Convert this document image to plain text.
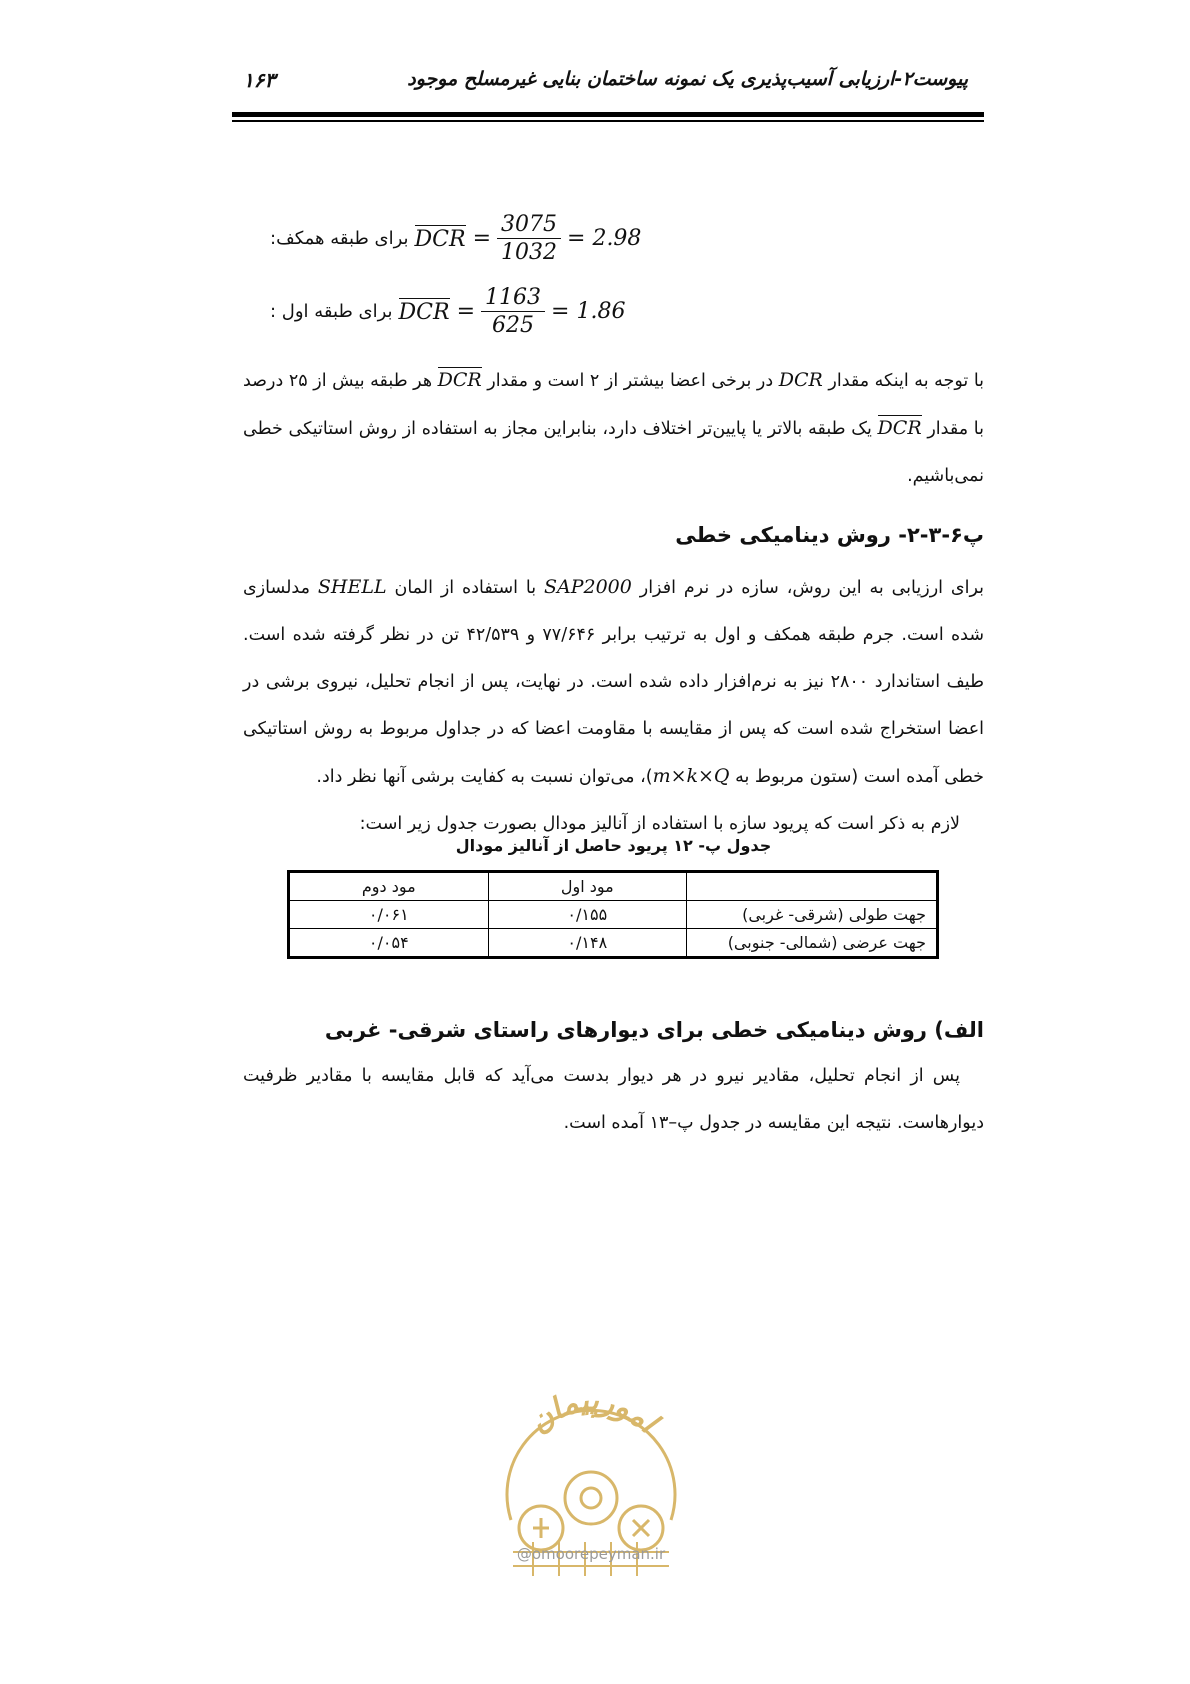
۱۶۳	پیوست۲-ارزیابی آسیب‌پذیری یک نمونه ساختمان بنایی غیرمسلح موجود
برای طبقه همکف: DCR = $\frac{3075}{1032} = 2.98$
برای طبقه اول : DCR = $\frac{1163}{625} = 1.86$

با توجه به اینکه مقدار DCR در برخی اعضا بیشتر از ۲ است و مقدار DCR هر طبقه بیش از ۲۵ درصد با مقدار DCR یک طبقه بالاتر یا پایین‌تر اختلاف دارد، بنابراین مجاز به استفاده از روش استاتیکی خطی نمی‌باشیم.

پ۶-۳-۲- روش دینامیکی خطی

برای ارزیابی به این روش، سازه در نرم افزار SAP2000 با استفاده از المان SHELL مدلسازی شده است. جرم طبقه همکف و اول به ترتیب برابر ۷۷/۶۴۶ و ۴۲/۵۳۹ تن در نظر گرفته شده است. طیف استاندارد ۲۸۰۰ نیز به نرم‌افزار داده شده است. در نهایت، پس از انجام تحلیل، نیروی برشی در اعضا استخراج شده است که پس از مقایسه با مقاومت اعضا که در جداول مربوط به روش استاتیکی خطی آمده است (ستون مربوط به m×k×Q)، می‌توان نسبت به کفایت برشی آنها نظر داد.
لازم به ذکر است که پریود سازه با استفاده از آنالیز مودال بصورت جدول زیر است:

جدول پ- ۱۲ پریود حاصل از آنالیز مودال
	مود اول	مود دوم
جهت طولی (شرقی- غربی)	۰/۱۵۵	۰/۰۶۱
جهت عرضی (شمالی- جنوبی)	۰/۱۴۸	۰/۰۵۴
الف) روش دینامیکی خطی برای دیوارهای راستای شرقی- غربی

پس از انجام تحلیل، مقادیر نیرو در هر دیوار بدست می‌آید که قابل مقایسه با مقادیر ظرفیت دیوارهاست. نتیجه این مقایسه در جدول پ–۱۳ آمده است.

امورپیمان
@omoorepeyman.ir
